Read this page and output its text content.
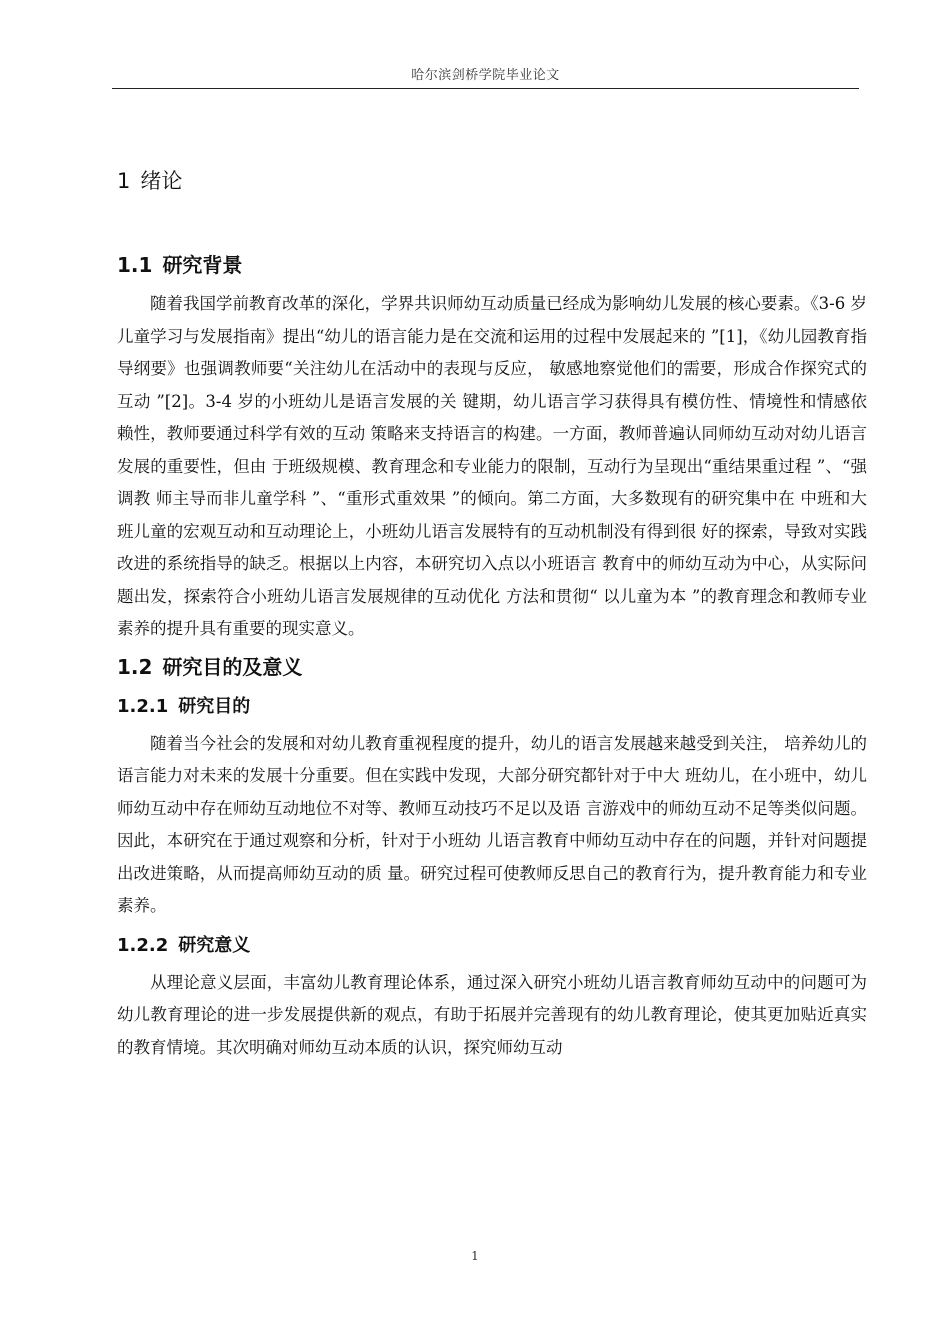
哈尔滨剑桥学院毕业论文
1 绪论
1.1 研究背景

随着我国学前教育改革的深化，学界共识师幼互动质量已经成为影响幼儿发展的核心要素。《3-6 岁儿童学习与发展指南》提出“幼儿的语言能力是在交流和运用的过程中发展起来的 ”[1]，《幼儿园教育指导纲要》也强调教师要“关注幼儿在活动中的表现与反应， 敏感地察觉他们的需要，形成合作探究式的互动 ”[2]。3-4 岁的小班幼儿是语言发展的关 键期，幼儿语言学习获得具有模仿性、情境性和情感依赖性，教师要通过科学有效的互动 策略来支持语言的构建。一方面，教师普遍认同师幼互动对幼儿语言发展的重要性，但由 于班级规模、教育理念和专业能力的限制，互动行为呈现出“重结果重过程 ”、“强调教 师主导而非儿童学科 ”、“重形式重效果 ”的倾向。第二方面，大多数现有的研究集中在 中班和大班儿童的宏观互动和互动理论上，小班幼儿语言发展特有的互动机制没有得到很 好的探索，导致对实践改进的系统指导的缺乏。根据以上内容，本研究切入点以小班语言 教育中的师幼互动为中心，从实际问题出发，探索符合小班幼儿语言发展规律的互动优化 方法和贯彻“ 以儿童为本 ”的教育理念和教师专业素养的提升具有重要的现实意义。

1.2 研究目的及意义
1.2.1 研究目的

随着当今社会的发展和对幼儿教育重视程度的提升，幼儿的语言发展越来越受到关注， 培养幼儿的语言能力对未来的发展十分重要。但在实践中发现，大部分研究都针对于中大 班幼儿，在小班中，幼儿师幼互动中存在师幼互动地位不对等、教师互动技巧不足以及语 言游戏中的师幼互动不足等类似问题。因此，本研究在于通过观察和分析，针对于小班幼 儿语言教育中师幼互动中存在的问题，并针对问题提出改进策略，从而提高师幼互动的质 量。研究过程可使教师反思自己的教育行为，提升教育能力和专业素养。

1.2.2 研究意义

从理论意义层面，丰富幼儿教育理论体系，通过深入研究小班幼儿语言教育师幼互动中的问题可为幼儿教育理论的进一步发展提供新的观点，有助于拓展并完善现有的幼儿教育理论，使其更加贴近真实的教育情境。其次明确对师幼互动本质的认识，探究师幼互动

1
